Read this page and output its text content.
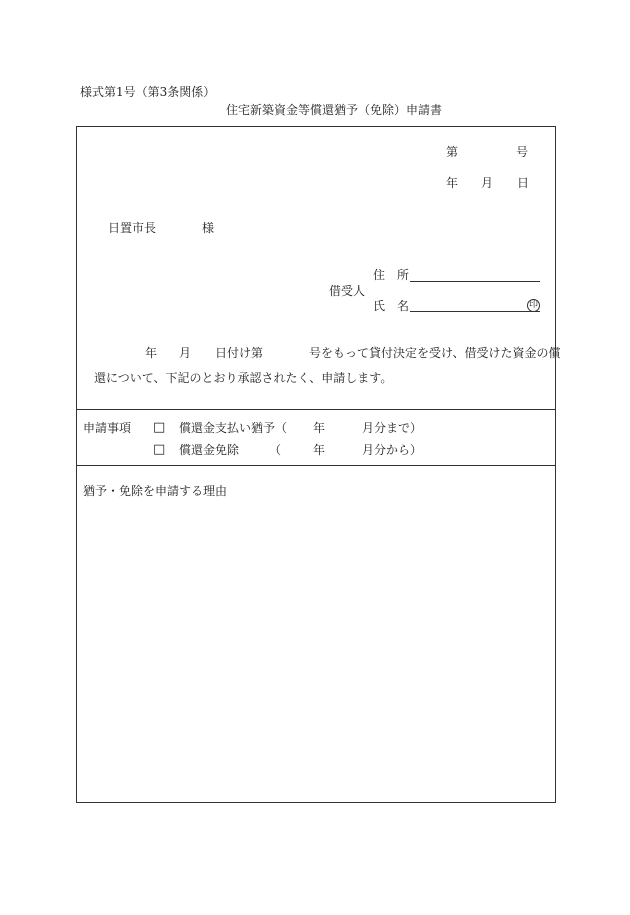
様式第1号（第3条関係）
住宅新築資金等償還猶予（免除）申請書
第	号
年 月 日
日置市長	様
住　所
借受人
氏　名	印
年 月 日付け第	号をもって貸付決定を受け、借受けた資金の償
還について、下記のとおり承認されたく、申請します。
申請事項 □ 償還金支払い猶予（ 年	月分まで）
□ 償還金免除 （	年	月分から）
猶予・免除を申請する理由
